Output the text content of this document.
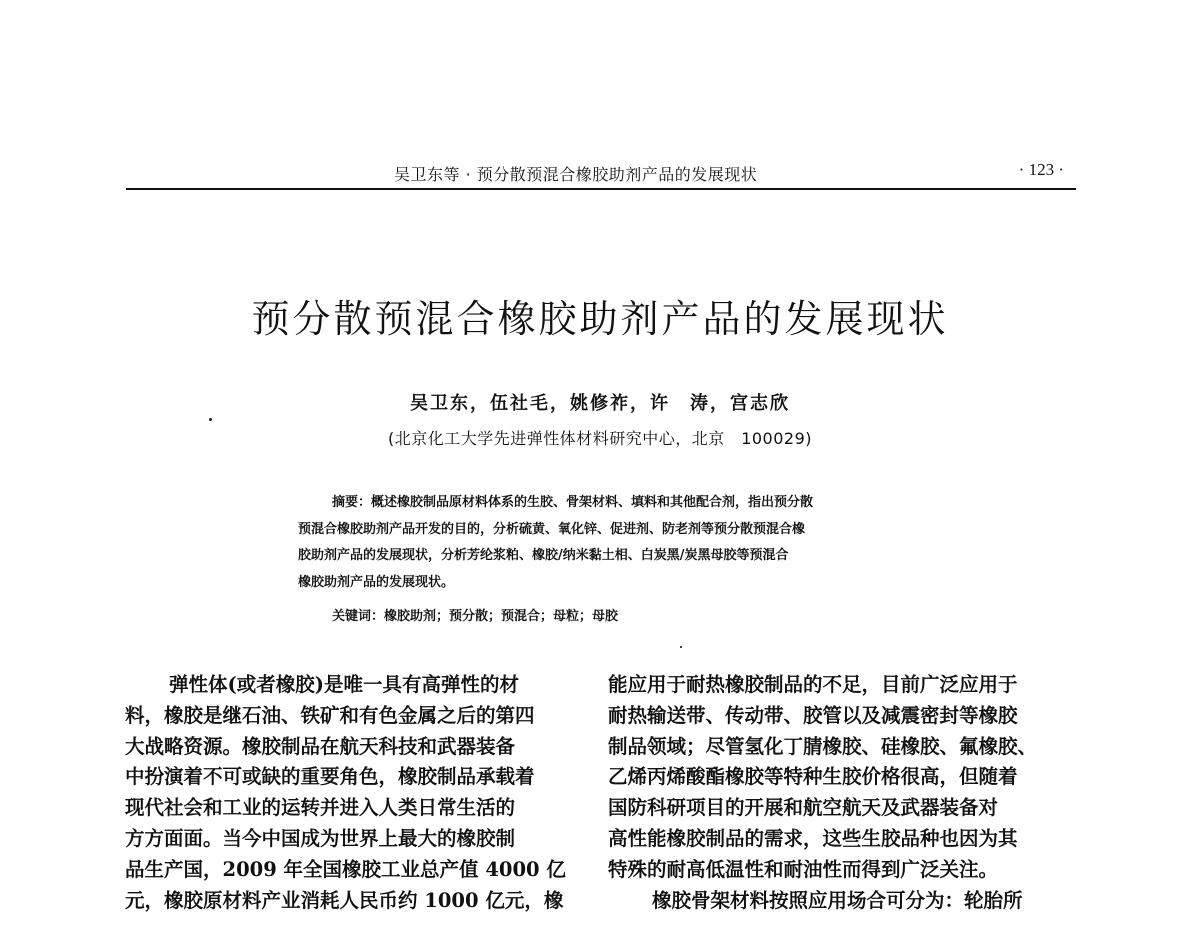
吴卫东等 · 预分散预混合橡胶助剂产品的发展现状	· 123 ·
预分散预混合橡胶助剂产品的发展现状
吴卫东，伍社毛，姚修祚，许　涛，宫志欣
(北京化工大学先进弹性体材料研究中心，北京　100029)
摘要：概述橡胶制品原材料体系的生胶、骨架材料、填料和其他配合剂，指出预分散
预混合橡胶助剂产品开发的目的，分析硫黄、氧化锌、促进剂、防老剂等预分散预混合橡
胶助剂产品的发展现状，分析芳纶浆粕、橡胶/纳米黏土相、白炭黑/炭黑母胶等预混合
橡胶助剂产品的发展现状。
关键词：橡胶助剂；预分散；预混合；母粒；母胶
弹性体(或者橡胶)是唯一具有高弹性的材
料，橡胶是继石油、铁矿和有色金属之后的第四
大战略资源。橡胶制品在航天科技和武器装备
中扮演着不可或缺的重要角色，橡胶制品承载着
现代社会和工业的运转并进入人类日常生活的
方方面面。当今中国成为世界上最大的橡胶制
品生产国，2009 年全国橡胶工业总产值 4000 亿
元，橡胶原材料产业消耗人民币约 1000 亿元，橡
能应用于耐热橡胶制品的不足，目前广泛应用于
耐热输送带、传动带、胶管以及减震密封等橡胶
制品领域；尽管氢化丁腈橡胶、硅橡胶、氟橡胶、
乙烯丙烯酸酯橡胶等特种生胶价格很高，但随着
国防科研项目的开展和航空航天及武器装备对
高性能橡胶制品的需求，这些生胶品种也因为其
特殊的耐高低温性和耐油性而得到广泛关注。
橡胶骨架材料按照应用场合可分为：轮胎所
